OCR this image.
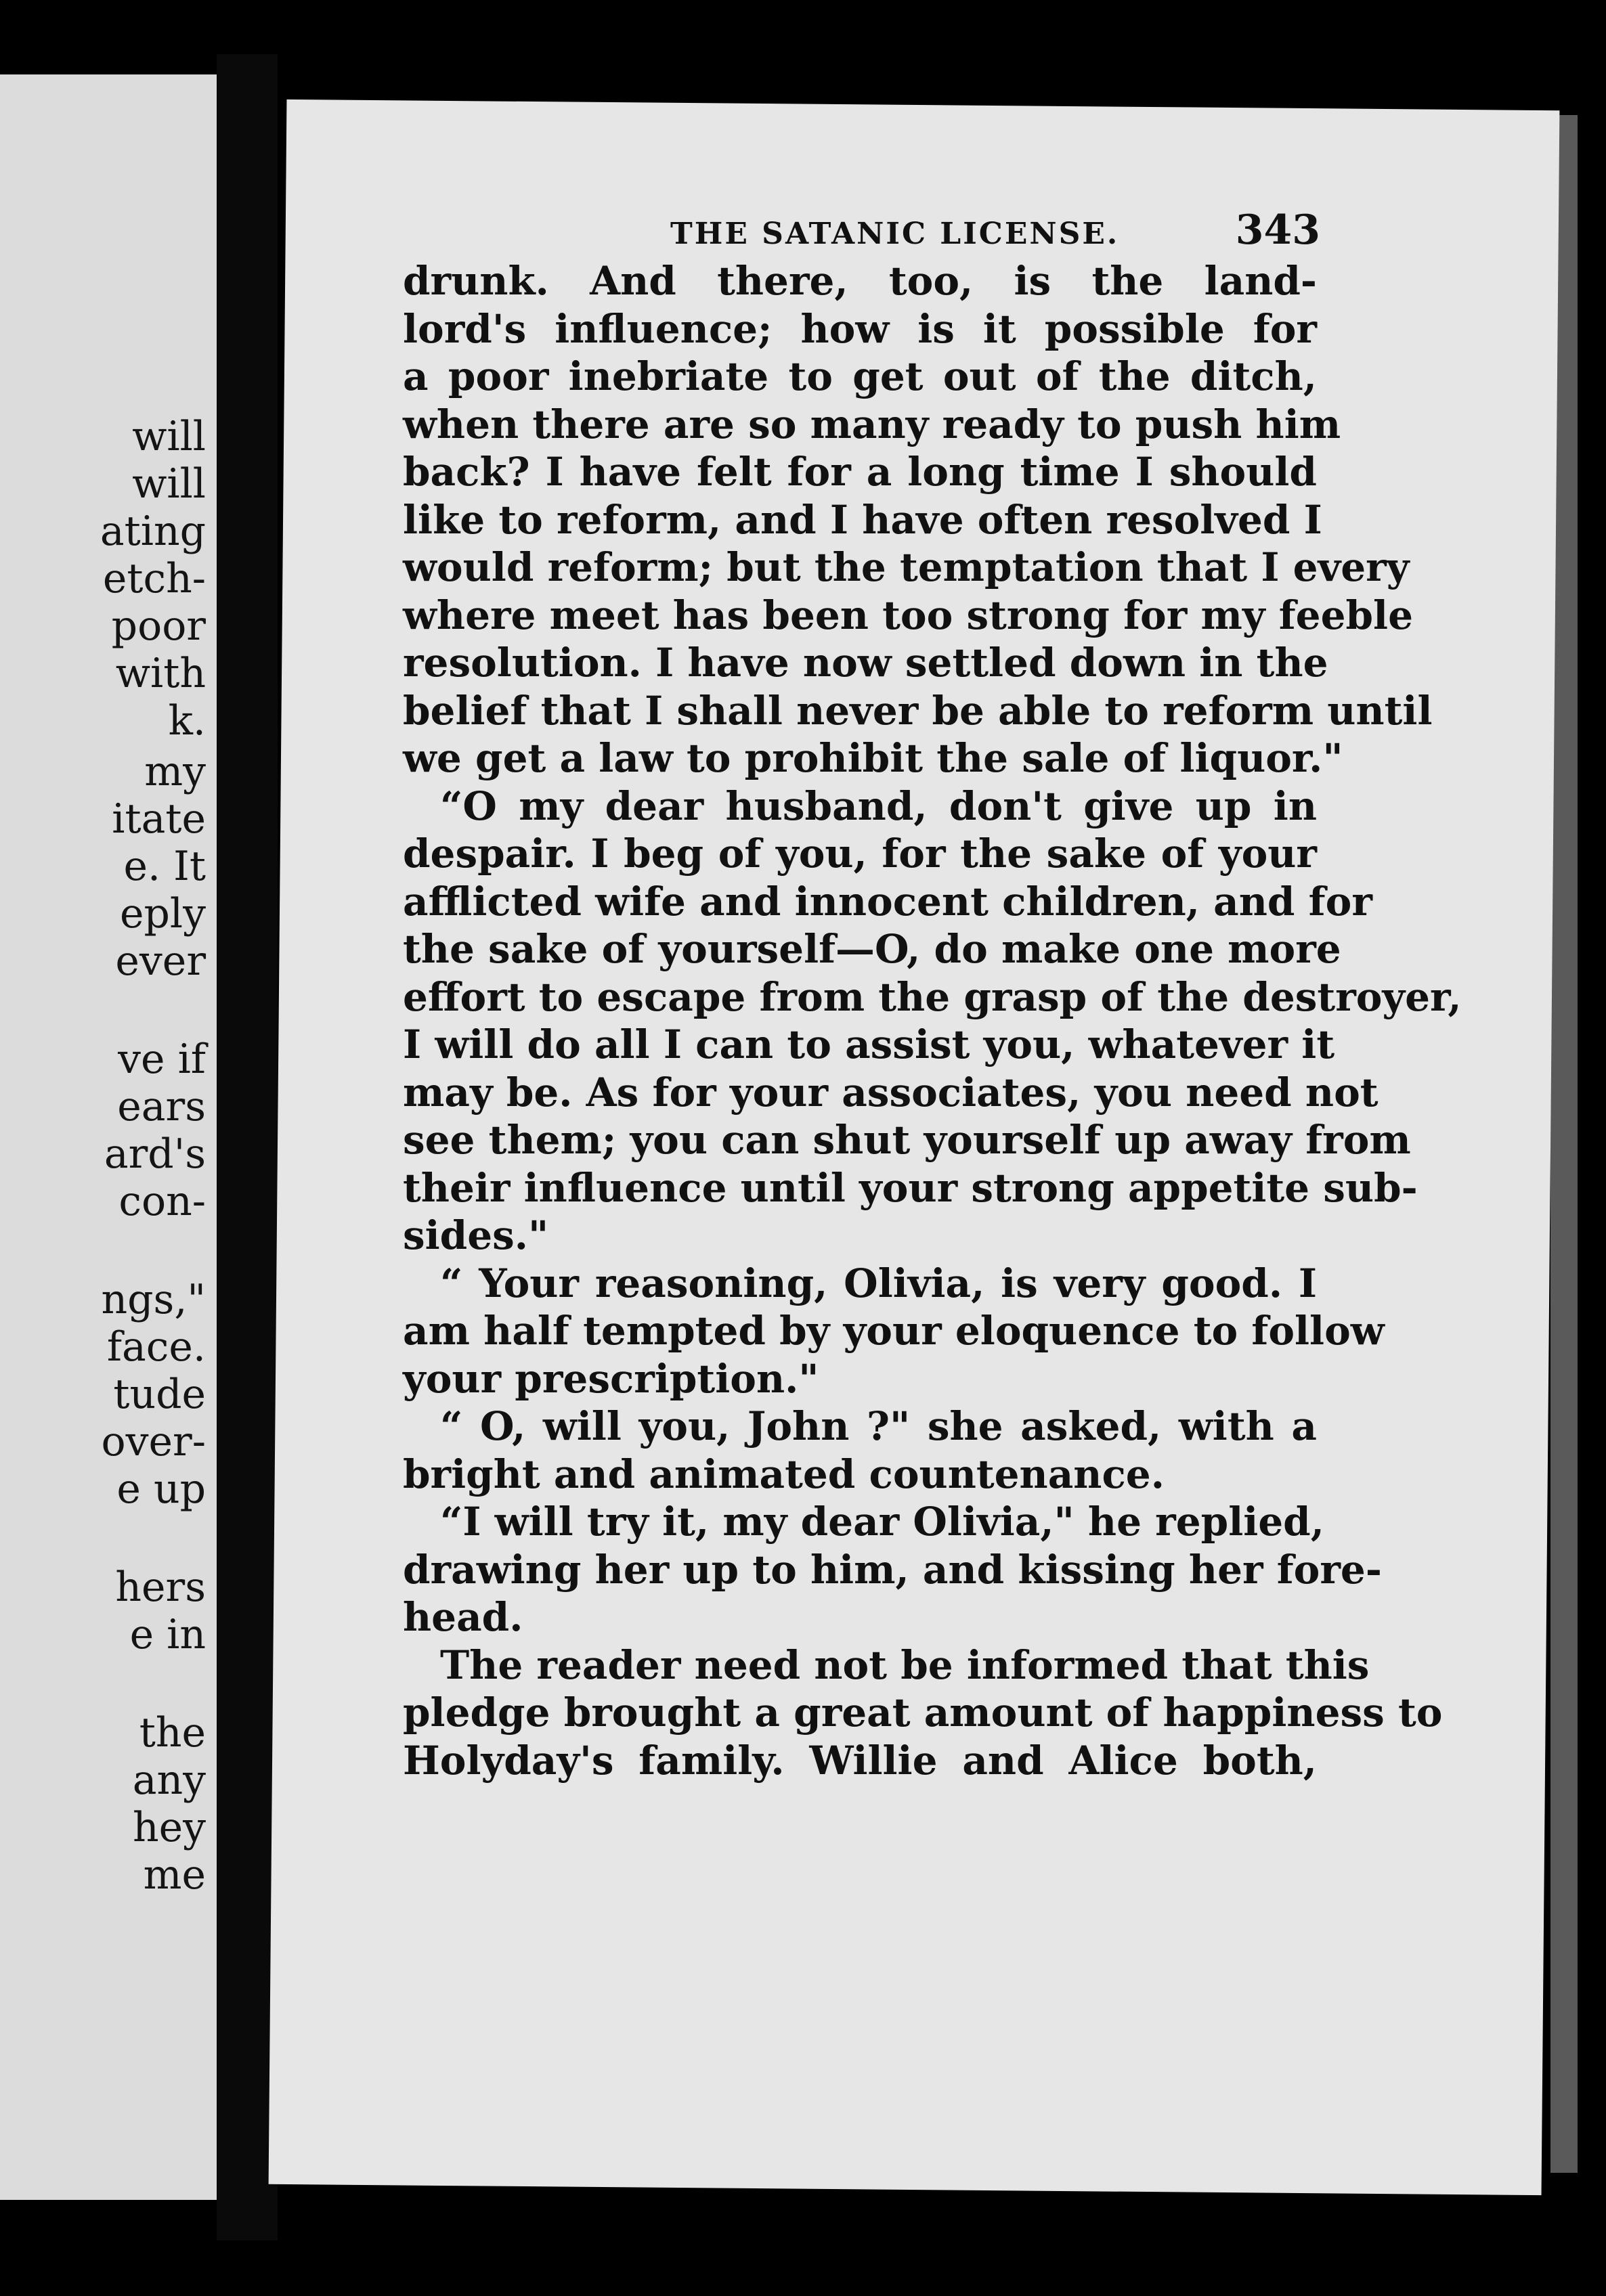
will
will
ating
etch-
poor
with
k.
my
itate
e. It
eply
ever
ve if
ears
ard's
con-
ngs,"
face.
tude
over-
e up
hers
e in
the
any
hey
me
THE SATANIC LICENSE.	343
drunk. And there, too, is the land-
lord's influence; how is it possible for
a poor inebriate to get out of the ditch,
when there are so many ready to push him
back? I have felt for a long time I should
like to reform, and I have often resolved I
would reform; but the temptation that I every
where meet has been too strong for my feeble
resolution. I have now settled down in the
belief that I shall never be able to reform until
we get a law to prohibit the sale of liquor."
“O my dear husband, don't give up in
despair. I beg of you, for the sake of your
afflicted wife and innocent children, and for
the sake of yourself—O, do make one more
effort to escape from the grasp of the destroyer,
I will do all I can to assist you, whatever it
may be. As for your associates, you need not
see them; you can shut yourself up away from
their influence until your strong appetite sub-
sides."
“ Your reasoning, Olivia, is very good. I
am half tempted by your eloquence to follow
your prescription."
“ O, will you, John ?" she asked, with a
bright and animated countenance.
“I will try it, my dear Olivia," he replied,
drawing her up to him, and kissing her fore-
head.
The reader need not be informed that this
pledge brought a great amount of happiness to
Holyday's family. Willie and Alice both,
